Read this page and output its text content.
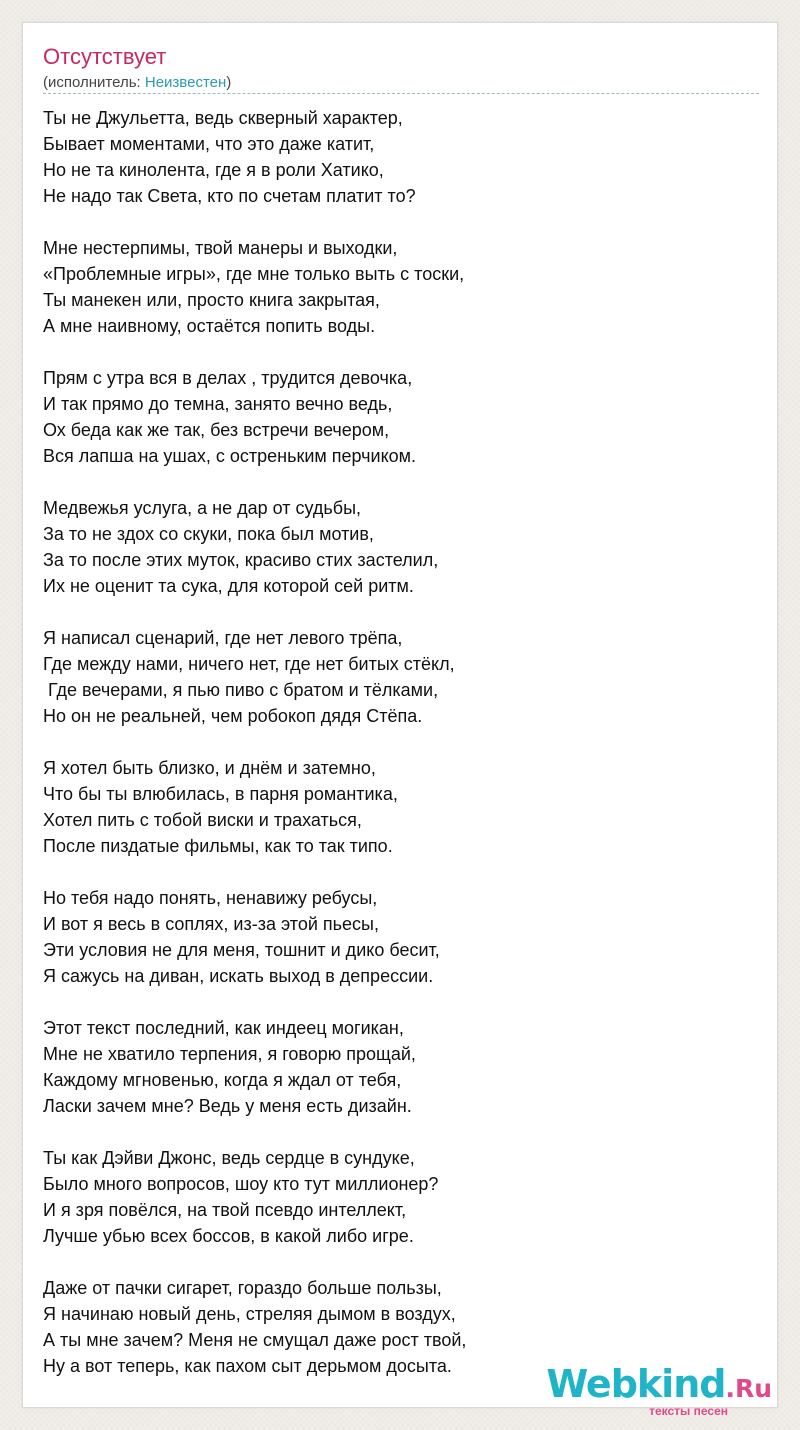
Отсутствует
(исполнитель: Неизвестен)
Ты не Джульетта, ведь скверный характер,
Бывает моментами, что это даже катит,
Но не та кинолента, где я в роли Хатико,
Не надо так Света, кто по счетам платит то?
Мне нестерпимы, твой манеры и выходки,
«Проблемные игры», где мне только выть с тоски,
Ты манекен или, просто книга закрытая,
А мне наивному, остаётся попить воды.
Прям с утра вся в делах , трудится девочка,
И так прямо до темна, занято вечно ведь,
Ох беда как же так, без встречи вечером,
Вся лапша на ушах, с остреньким перчиком.
Медвежья услуга, а не дар от судьбы,
За то не здох со скуки, пока был мотив,
За то после этих муток, красиво стих застелил,
Их не оценит та сука, для которой сей ритм.
Я написал сценарий, где нет левого трёпа,
Где между нами, ничего нет, где нет битых стёкл,
Где вечерами, я пью пиво с братом и тёлками,
Но он не реальней, чем робокоп дядя Стёпа.
Я хотел быть близко, и днём и затемно,
Что бы ты влюбилась, в парня романтика,
Хотел пить с тобой виски и трахаться,
После пиздатые фильмы, как то так типо.
Но тебя надо понять, ненавижу ребусы,
И вот я весь в соплях, из-за этой пьесы,
Эти условия не для меня, тошнит и дико бесит,
Я сажусь на диван, искать выход в депрессии.
Этот текст последний, как индеец могикан,
Мне не хватило терпения, я говорю прощай,
Каждому мгновенью, когда я ждал от тебя,
Ласки зачем мне? Ведь у меня есть дизайн.
Ты как Дэйви Джонс, ведь сердце в сундуке,
Было много вопросов, шоу кто тут миллионер?
И я зря повёлся, на твой псевдо интеллект,
Лучше убью всех боссов, в какой либо игре.
Даже от пачки сигарет, гораздо больше пользы,
Я начинаю новый день, стреляя дымом в воздух,
А ты мне зачем? Меня не смущал даже рост твой,
Ну а вот теперь, как пахом сыт дерьмом досыта.	Webkind.Ru
тексты песен
